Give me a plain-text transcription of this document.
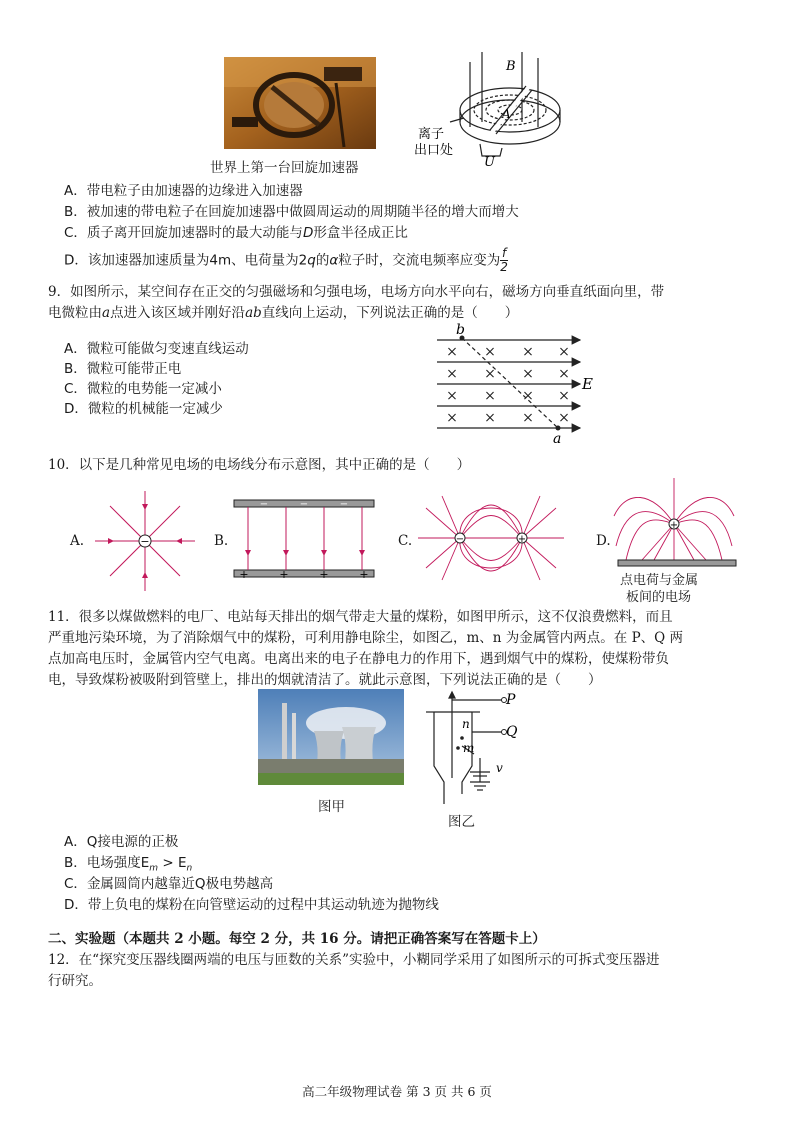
B
A
U
离子
出口处
世界上第一台回旋加速器
A．带电粒子由加速器的边缘进入加速器
B．被加速的带电粒子在回旋加速器中做圆周运动的周期随半径的增大而增大
C．质子离开回旋加速器时的最大动能与D形盒半径成正比
D．该加速器加速质量为4m、电荷量为2q的α粒子时，交流电频率应变为 $\frac{f}{2}$
9．如图所示，某空间存在正交的匀强磁场和匀强电场，电场方向水平向右，磁场方向垂直纸面向里，带
电微粒由a点进入该区域并刚好沿ab直线向上运动，下列说法正确的是（　　）
A．微粒可能做匀变速直线运动
B．微粒可能带正电
C．微粒的电势能一定减小
D．微粒的机械能一定减少
× × × ×
× × × ×
× × × ×
× × × ×
b
a
E
10．以下是几种常见电场的电场线分布示意图，其中正确的是（　　）
A.	B.	C.	D.
−
−	−	−
+	+	+	+
−	+
+
点电荷与金属
板间的电场
11．很多以煤做燃料的电厂、电站每天排出的烟气带走大量的煤粉，如图甲所示，这不仅浪费燃料，而且
严重地污染环境，为了消除烟气中的煤粉，可利用静电除尘，如图乙，m、n 为金属管内两点。在 P、Q 两
点加高电压时，金属管内空气电离。电离出来的电子在静电力的作用下，遇到烟气中的煤粉，使煤粉带负
电，导致煤粉被吸附到管壁上，排出的烟就清洁了。就此示意图，下列说法正确的是（　　）
图甲
P
Q
n
m
v
图乙
A．Q接电源的正极
B．电场强度$E_m > E_n$
C．金属圆筒内越靠近Q极电势越高
D．带上负电的煤粉在向管壁运动的过程中其运动轨迹为抛物线
二、实验题（本题共 2 小题。每空 2 分，共 16 分。请把正确答案写在答题卡上）
12．在“探究变压器线圈两端的电压与匝数的关系”实验中，小糊同学采用了如图所示的可拆式变压器进
行研究。
高二年级物理试卷 第 3 页 共 6 页
